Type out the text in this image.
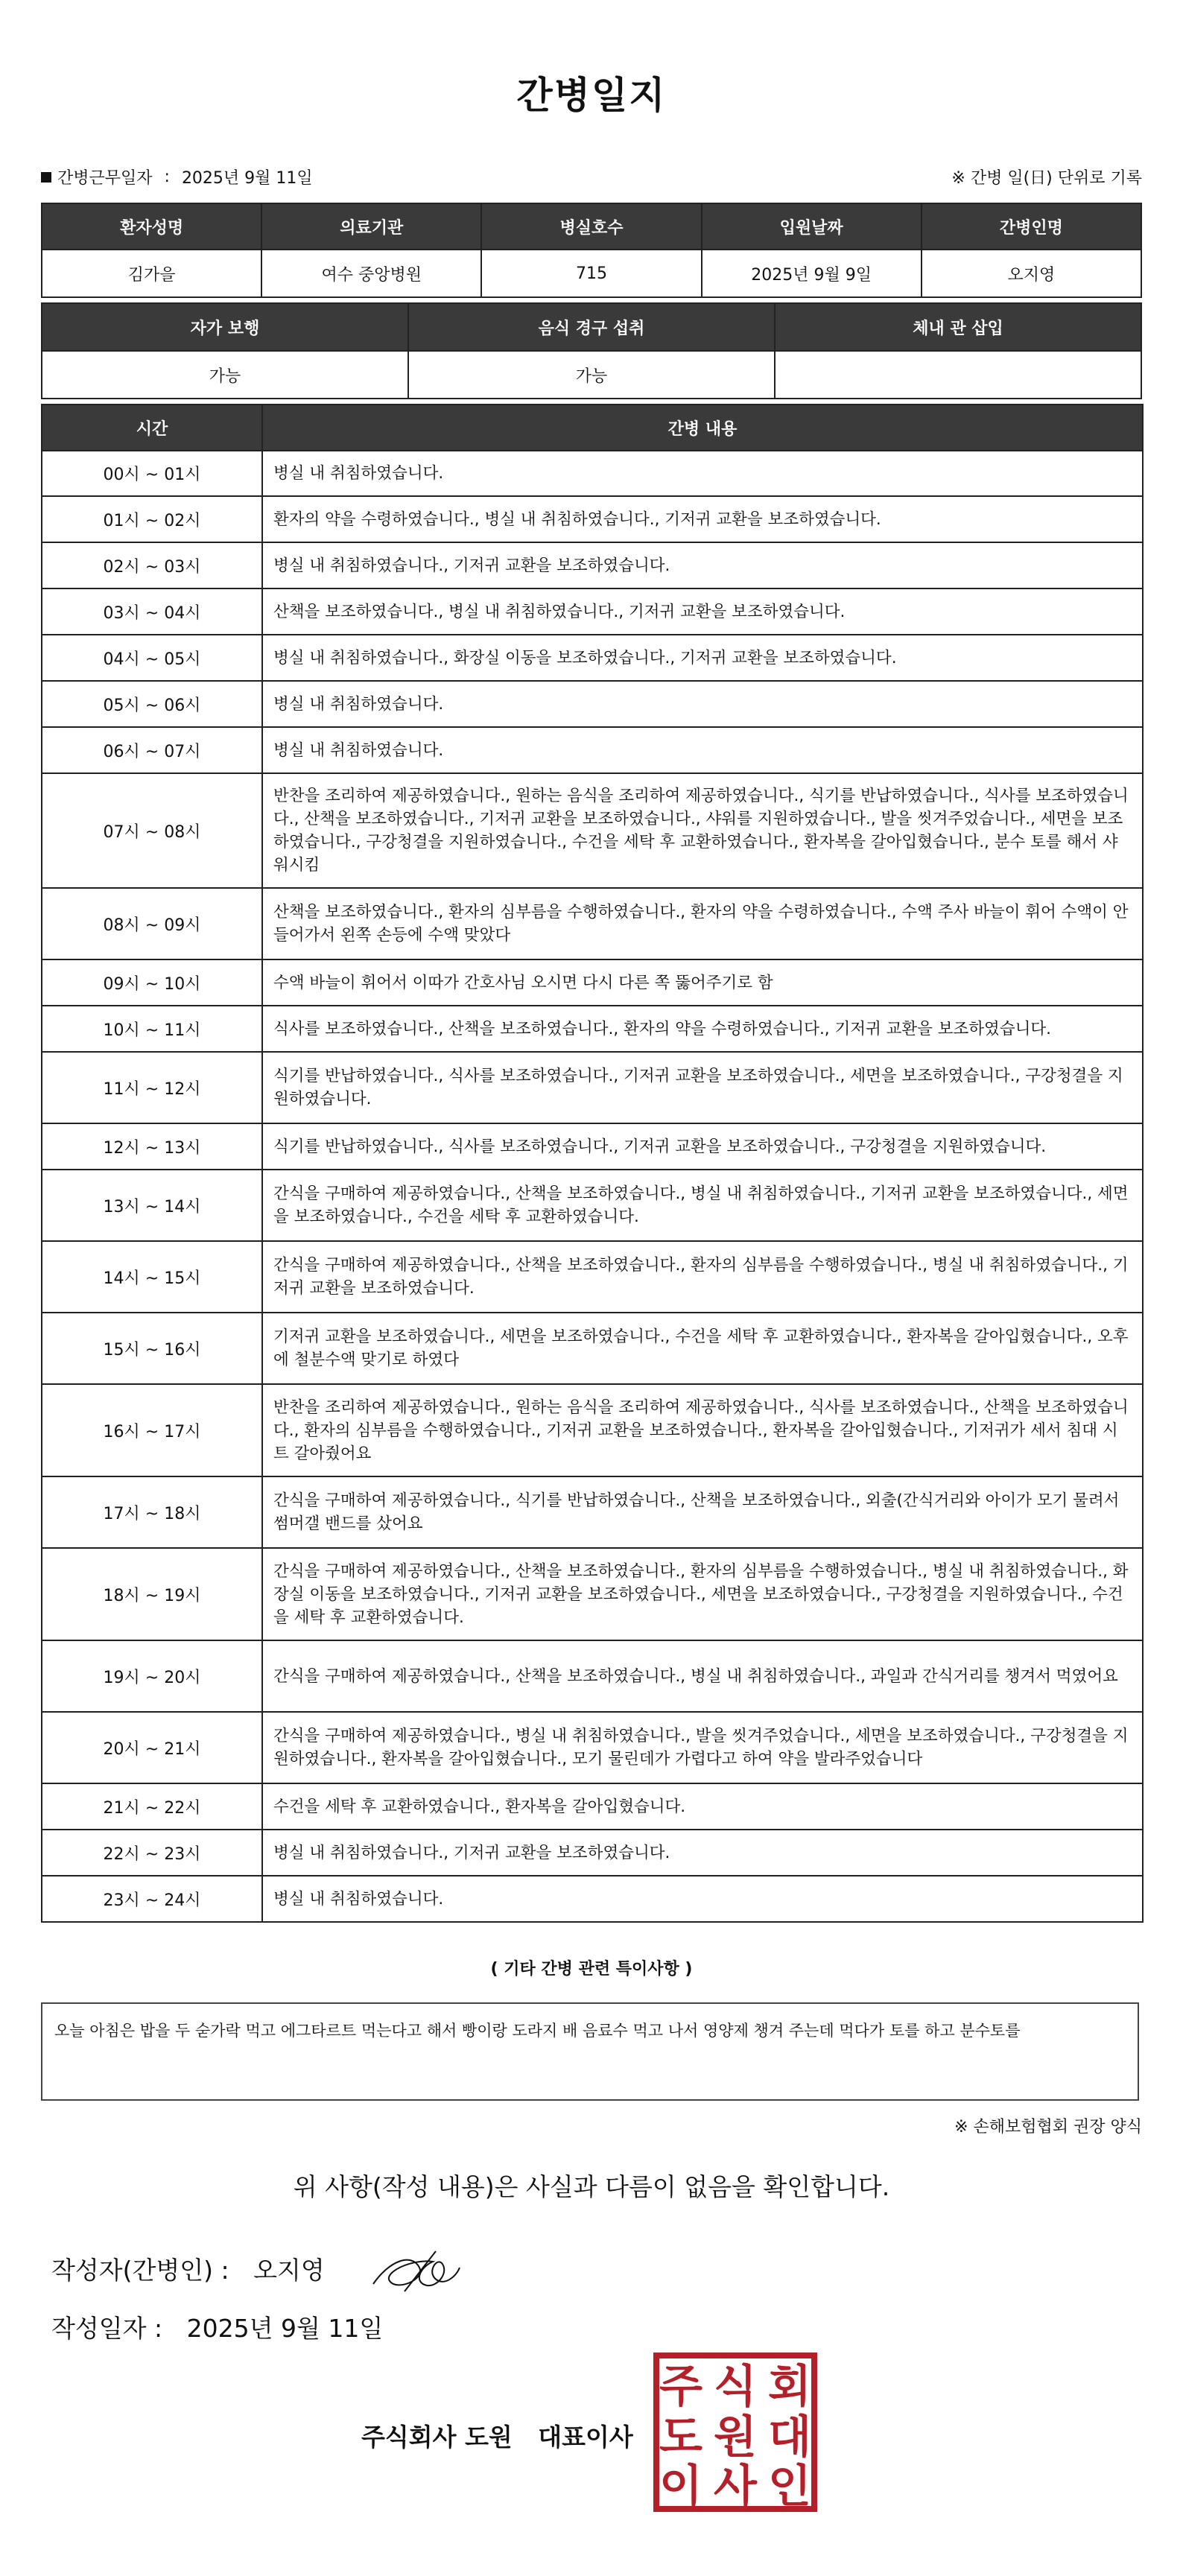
간병일지
간병근무일자 : 2025년 9월 11일	※ 간병 일(日) 단위로 기록
환자성명	의료기관	병실호수	입원날짜	간병인명
김가을	여수 중앙병원	715	2025년 9월 9일	오지영
자가 보행	음식 경구 섭취	체내 관 삽입
가능	가능	
시간	간병 내용
00시 ~ 01시	병실 내 취침하였습니다.
01시 ~ 02시	환자의 약을 수령하였습니다., 병실 내 취침하였습니다., 기저귀 교환을 보조하였습니다.
02시 ~ 03시	병실 내 취침하였습니다., 기저귀 교환을 보조하였습니다.
03시 ~ 04시	산책을 보조하였습니다., 병실 내 취침하였습니다., 기저귀 교환을 보조하였습니다.
04시 ~ 05시	병실 내 취침하였습니다., 화장실 이동을 보조하였습니다., 기저귀 교환을 보조하였습니다.
05시 ~ 06시	병실 내 취침하였습니다.
06시 ~ 07시	병실 내 취침하였습니다.
07시 ~ 08시	반찬을 조리하여 제공하였습니다., 원하는 음식을 조리하여 제공하였습니다., 식기를 반납하였습니다., 식사를 보조하였습니다., 산책을 보조하였습니다., 기저귀 교환을 보조하였습니다., 샤워를 지원하였습니다., 발을 씻겨주었습니다., 세면을 보조하였습니다., 구강청결을 지원하였습니다., 수건을 세탁 후 교환하였습니다., 환자복을 갈아입혔습니다., 분수 토를 해서 샤워시킴
08시 ~ 09시	산책을 보조하였습니다., 환자의 심부름을 수행하였습니다., 환자의 약을 수령하였습니다., 수액 주사 바늘이 휘어 수액이 안 들어가서 왼쪽 손등에 수액 맞았다
09시 ~ 10시	수액 바늘이 휘어서 이따가 간호사님 오시면 다시 다른 쪽 뚫어주기로 함
10시 ~ 11시	식사를 보조하였습니다., 산책을 보조하였습니다., 환자의 약을 수령하였습니다., 기저귀 교환을 보조하였습니다.
11시 ~ 12시	식기를 반납하였습니다., 식사를 보조하였습니다., 기저귀 교환을 보조하였습니다., 세면을 보조하였습니다., 구강청결을 지원하였습니다.
12시 ~ 13시	식기를 반납하였습니다., 식사를 보조하였습니다., 기저귀 교환을 보조하였습니다., 구강청결을 지원하였습니다.
13시 ~ 14시	간식을 구매하여 제공하였습니다., 산책을 보조하였습니다., 병실 내 취침하였습니다., 기저귀 교환을 보조하였습니다., 세면을 보조하였습니다., 수건을 세탁 후 교환하였습니다.
14시 ~ 15시	간식을 구매하여 제공하였습니다., 산책을 보조하였습니다., 환자의 심부름을 수행하였습니다., 병실 내 취침하였습니다., 기저귀 교환을 보조하였습니다.
15시 ~ 16시	기저귀 교환을 보조하였습니다., 세면을 보조하였습니다., 수건을 세탁 후 교환하였습니다., 환자복을 갈아입혔습니다., 오후에 철분수액 맞기로 하였다
16시 ~ 17시	반찬을 조리하여 제공하였습니다., 원하는 음식을 조리하여 제공하였습니다., 식사를 보조하였습니다., 산책을 보조하였습니다., 환자의 심부름을 수행하였습니다., 기저귀 교환을 보조하였습니다., 환자복을 갈아입혔습니다., 기저귀가 세서 침대 시트 갈아줬어요
17시 ~ 18시	간식을 구매하여 제공하였습니다., 식기를 반납하였습니다., 산책을 보조하였습니다., 외출(간식거리와 아이가 모기 물려서 썸머갤 밴드를 샀어요
18시 ~ 19시	간식을 구매하여 제공하였습니다., 산책을 보조하였습니다., 환자의 심부름을 수행하였습니다., 병실 내 취침하였습니다., 화장실 이동을 보조하였습니다., 기저귀 교환을 보조하였습니다., 세면을 보조하였습니다., 구강청결을 지원하였습니다., 수건을 세탁 후 교환하였습니다.
19시 ~ 20시	간식을 구매하여 제공하였습니다., 산책을 보조하였습니다., 병실 내 취침하였습니다., 과일과 간식거리를 챙겨서 먹였어요
20시 ~ 21시	간식을 구매하여 제공하였습니다., 병실 내 취침하였습니다., 발을 씻겨주었습니다., 세면을 보조하였습니다., 구강청결을 지원하였습니다., 환자복을 갈아입혔습니다., 모기 물린데가 가렵다고 하여 약을 발라주었습니다
21시 ~ 22시	수건을 세탁 후 교환하였습니다., 환자복을 갈아입혔습니다.
22시 ~ 23시	병실 내 취침하였습니다., 기저귀 교환을 보조하였습니다.
23시 ~ 24시	병실 내 취침하였습니다.
( 기타 간병 관련 특이사항 )
오늘 아침은 밥을 두 숟가락 먹고 에그타르트 먹는다고 해서 빵이랑 도라지 배 음료수 먹고 나서 영양제 챙겨 주는데 먹다가 토를 하고 분수토를
※ 손해보험협회 권장 양식
위 사항(작성 내용)은 사실과 다름이 없음을 확인합니다.
작성자(간병인) : 오지영
작성일자 : 2025년 9월 11일
주식회사 도원   대표이사
주 식 회
도 원 대
이 사 인
